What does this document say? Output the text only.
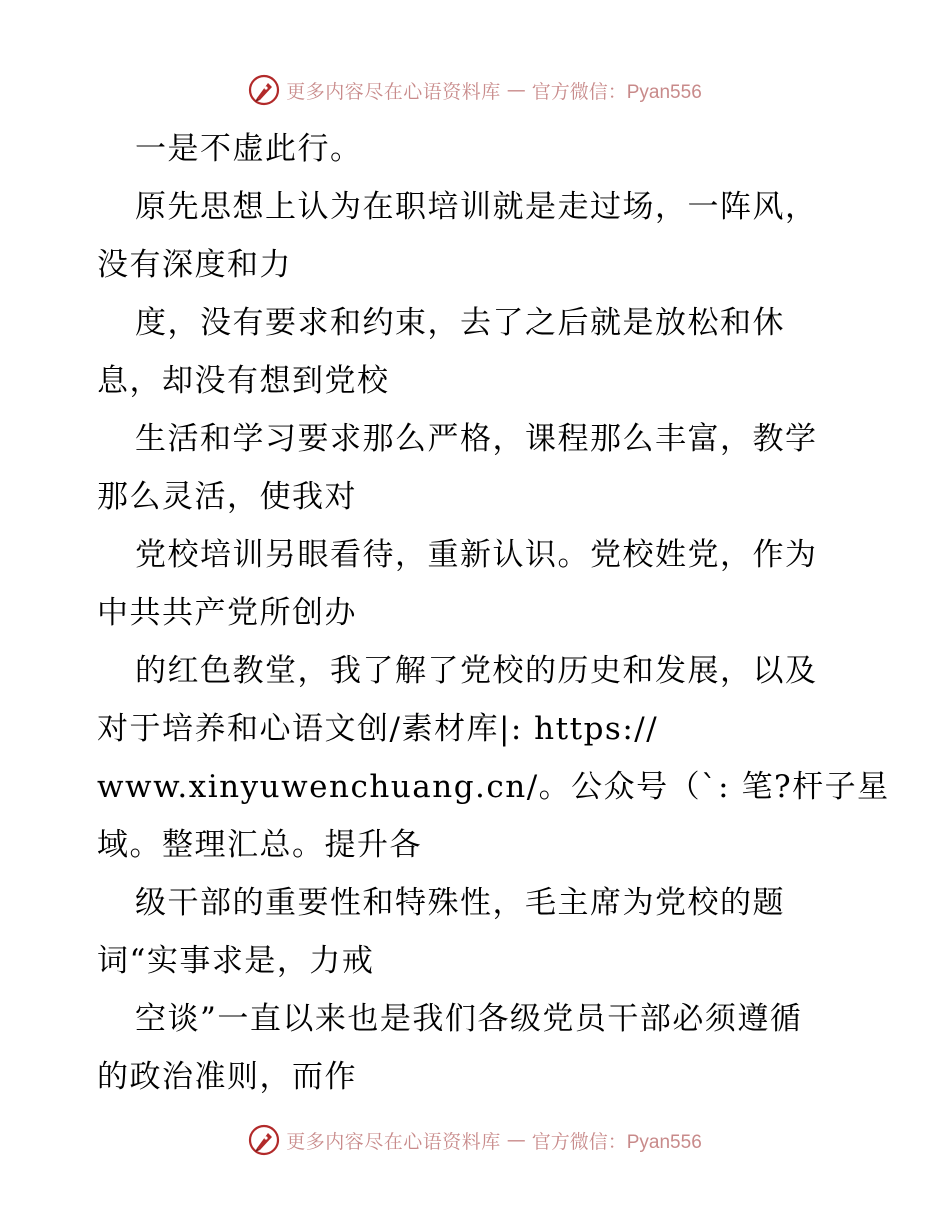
更多内容尽在心语资料库 — 官方微信：Pyan556
一是不虚此行。
原先思想上认为在职培训就是走过场，一阵风，
没有深度和力
度，没有要求和约束，去了之后就是放松和休
息，却没有想到党校
生活和学习要求那么严格，课程那么丰富，教学
那么灵活，使我对
党校培训另眼看待，重新认识。党校姓党，作为
中共共产党所创办
的红色教堂，我了解了党校的历史和发展，以及
对于培养和心语文创/素材库|: https://
www.xinyuwenchuang.cn/。公众号（`: 笔?杆子星
域。整理汇总。提升各
级干部的重要性和特殊性，毛主席为党校的题
词“实事求是，力戒
空谈”一直以来也是我们各级党员干部必须遵循
的政治准则，而作
更多内容尽在心语资料库 — 官方微信：Pyan556
